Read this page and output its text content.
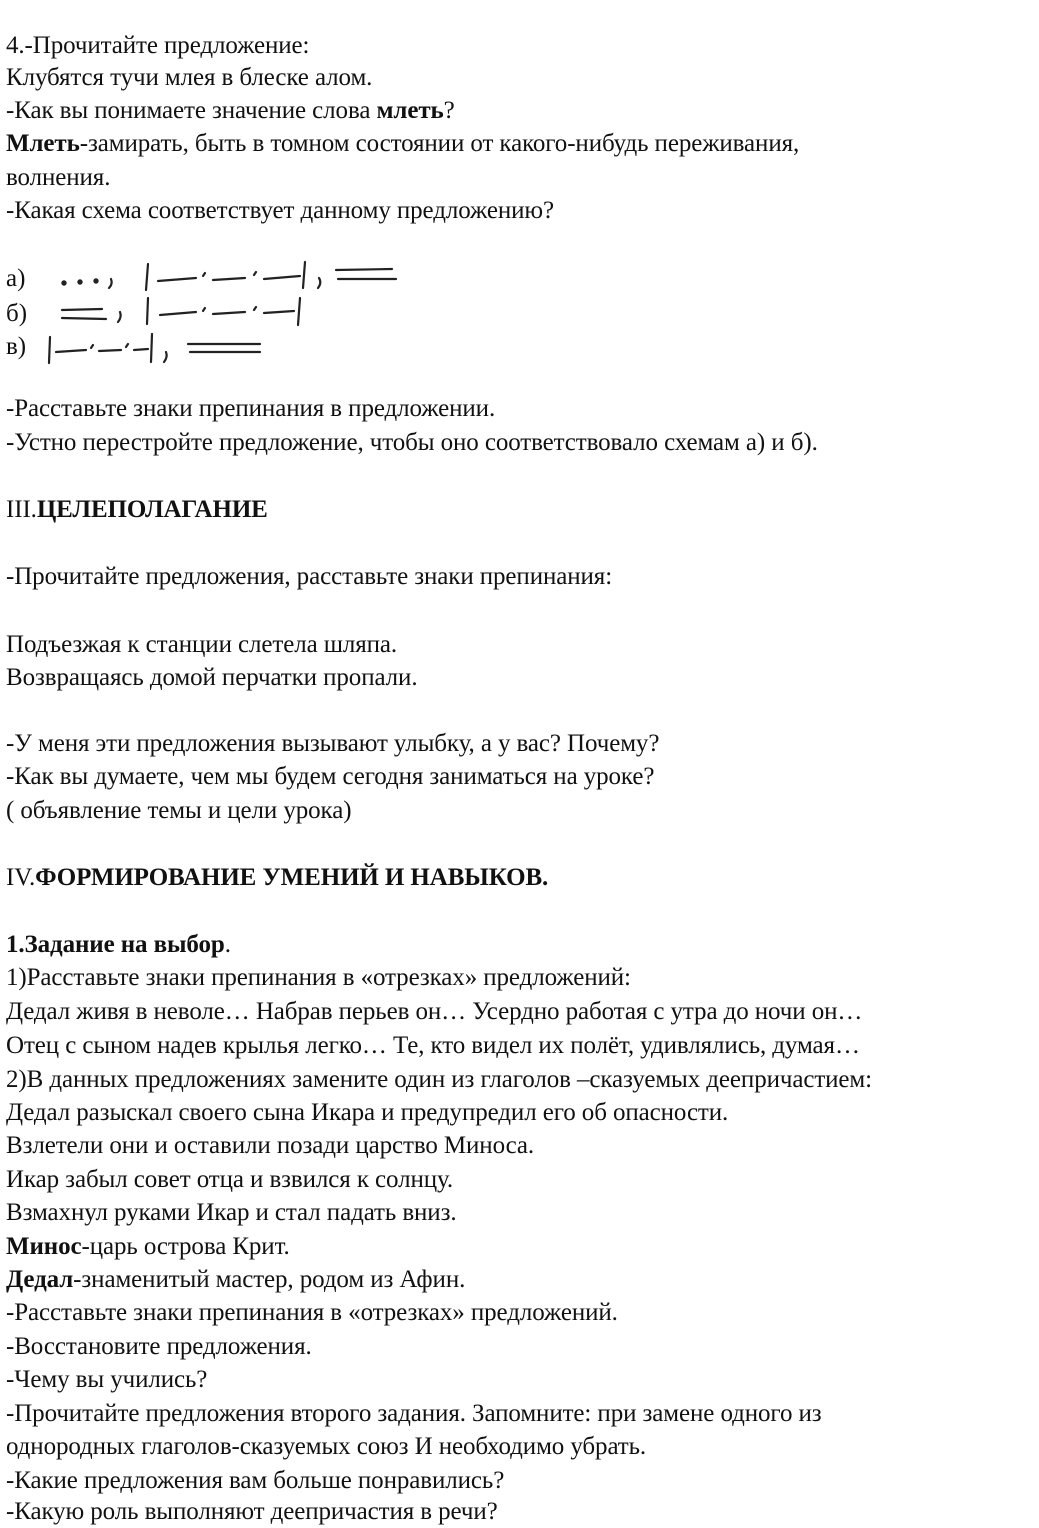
4.-Прочитайте предложение:
Клубятся тучи млея в блеске алом.
-Как вы понимаете значение слова млеть?
Млеть-замирать, быть в томном состоянии от какого-нибудь переживания,
волнения.
-Какая схема соответствует данному предложению?
а)
б)
в)
-Расставьте знаки препинания в предложении.
-Устно перестройте предложение, чтобы оно соответствовало схемам а) и б).
III.ЦЕЛЕПОЛАГАНИЕ
-Прочитайте предложения, расставьте знаки препинания:
Подъезжая к станции слетела шляпа.
Возвращаясь домой перчатки пропали.
-У меня эти предложения вызывают улыбку, а у вас? Почему?
-Как вы думаете, чем мы будем сегодня заниматься на уроке?
( объявление темы и цели урока)
IV.ФОРМИРОВАНИЕ УМЕНИЙ И НАВЫКОВ.
1.Задание на выбор.
1)Расставьте знаки препинания в «отрезках» предложений:
Дедал живя в неволе… Набрав перьев он… Усердно работая с утра до ночи он…
Отец с сыном надев крылья легко… Те, кто видел их полёт, удивлялись, думая…
2)В данных предложениях замените один из глаголов –сказуемых деепричастием:
Дедал разыскал своего сына Икара и предупредил его об опасности.
Взлетели они и оставили позади царство Миноса.
Икар забыл совет отца и взвился к солнцу.
Взмахнул руками Икар и стал падать вниз.
Минос-царь острова Крит.
Дедал-знаменитый мастер, родом из Афин.
-Расставьте знаки препинания в «отрезках» предложений.
-Восстановите предложения.
-Чему вы учились?
-Прочитайте предложения второго задания. Запомните: при замене одного из
однородных глаголов-сказуемых союз И необходимо убрать.
-Какие предложения вам больше понравились?
-Какую роль выполняют деепричастия в речи?
